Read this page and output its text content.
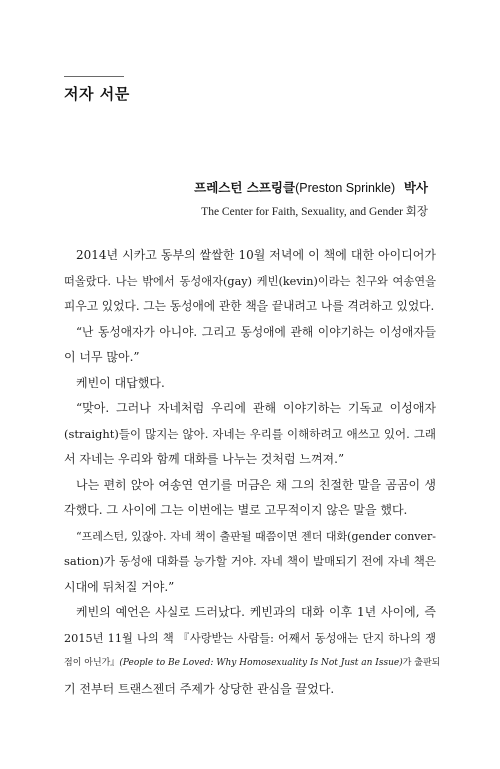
저자 서문
프레스턴 스프링클(Preston Sprinkle) 박사
The Center for Faith, Sexuality, and Gender 회장
2014년 시카고 동부의 쌀쌀한 10월 저녁에 이 책에 대한 아이디어가
떠올랐다. 나는 밖에서 동성애자(gay) 케빈(kevin)이라는 친구와 여송연을
피우고 있었다. 그는 동성애에 관한 책을 끝내려고 나를 격려하고 있었다.
“난 동성애자가 아니야. 그리고 동성애에 관해 이야기하는 이성애자들
이 너무 많아.”
케빈이 대답했다.
“맞아. 그러나 자네처럼 우리에 관해 이야기하는 기독교 이성애자
(straight)들이 많지는 않아. 자네는 우리를 이해하려고 애쓰고 있어. 그래
서 자네는 우리와 함께 대화를 나누는 것처럼 느껴져.”
나는 편히 앉아 여송연 연기를 머금은 채 그의 친절한 말을 곰곰이 생
각했다. 그 사이에 그는 이번에는 별로 고무적이지 않은 말을 했다.
“프레스턴, 있잖아. 자네 책이 출판될 때쯤이면 젠더 대화(gender conver-
sation)가 동성애 대화를 능가할 거야. 자네 책이 발매되기 전에 자네 책은
시대에 뒤처질 거야.”
케빈의 예언은 사실로 드러났다. 케빈과의 대화 이후 1년 사이에, 즉
2015년 11월 나의 책 『사랑받는 사람들: 어째서 동성애는 단지 하나의 쟁
점이 아닌가』(People to Be Loved: Why Homosexuality Is Not Just an Issue)가 출판되
기 전부터 트랜스젠더 주제가 상당한 관심을 끌었다.
